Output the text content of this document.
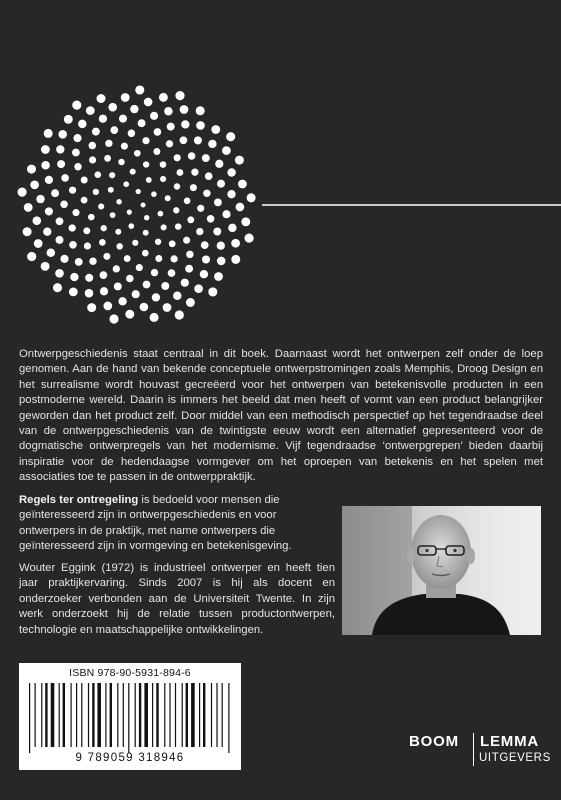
Ontwerpgeschiedenis staat centraal in dit boek. Daarnaast wordt het ontwerpen zelf onder de loep genomen. Aan de hand van bekende conceptuele ontwerpstromingen zoals Memphis, Droog Design en het surrealisme wordt houvast gecreëerd voor het ontwerpen van betekenisvolle producten in een postmoderne wereld. Daarin is immers het beeld dat men heeft of vormt van een product belangrijker geworden dan het product zelf. Door middel van een methodisch perspectief op het tegendraadse deel van de ontwerpgeschiedenis van de twintigste eeuw wordt een alternatief gepresenteerd voor de dogmatische ontwerpregels van het modernisme. Vijf tegendraadse ‘ontwerpgrepen’ bieden daarbij inspiratie voor de hedendaagse vormgever om het oproepen van betekenis en het spelen met associaties toe te passen in de ontwerppraktijk.

Regels ter ontregeling is bedoeld voor mensen die geïnteresseerd zijn in ontwerpgeschiedenis en voor ontwerpers in de praktijk, met name ontwerpers die geïnteresseerd zijn in vormgeving en betekenisgeving.

Wouter Eggink (1972) is industrieel ontwerper en heeft tien jaar praktijkervaring. Sinds 2007 is hij als docent en onderzoeker verbonden aan de Universiteit Twente. In zijn werk onderzoekt hij de relatie tussen productontwerpen, technologie en maatschappelijke ontwikkelingen.

ISBN 978-90-5931-894-6
9 789059 318946
BOOM LEMMA
UITGEVERS
